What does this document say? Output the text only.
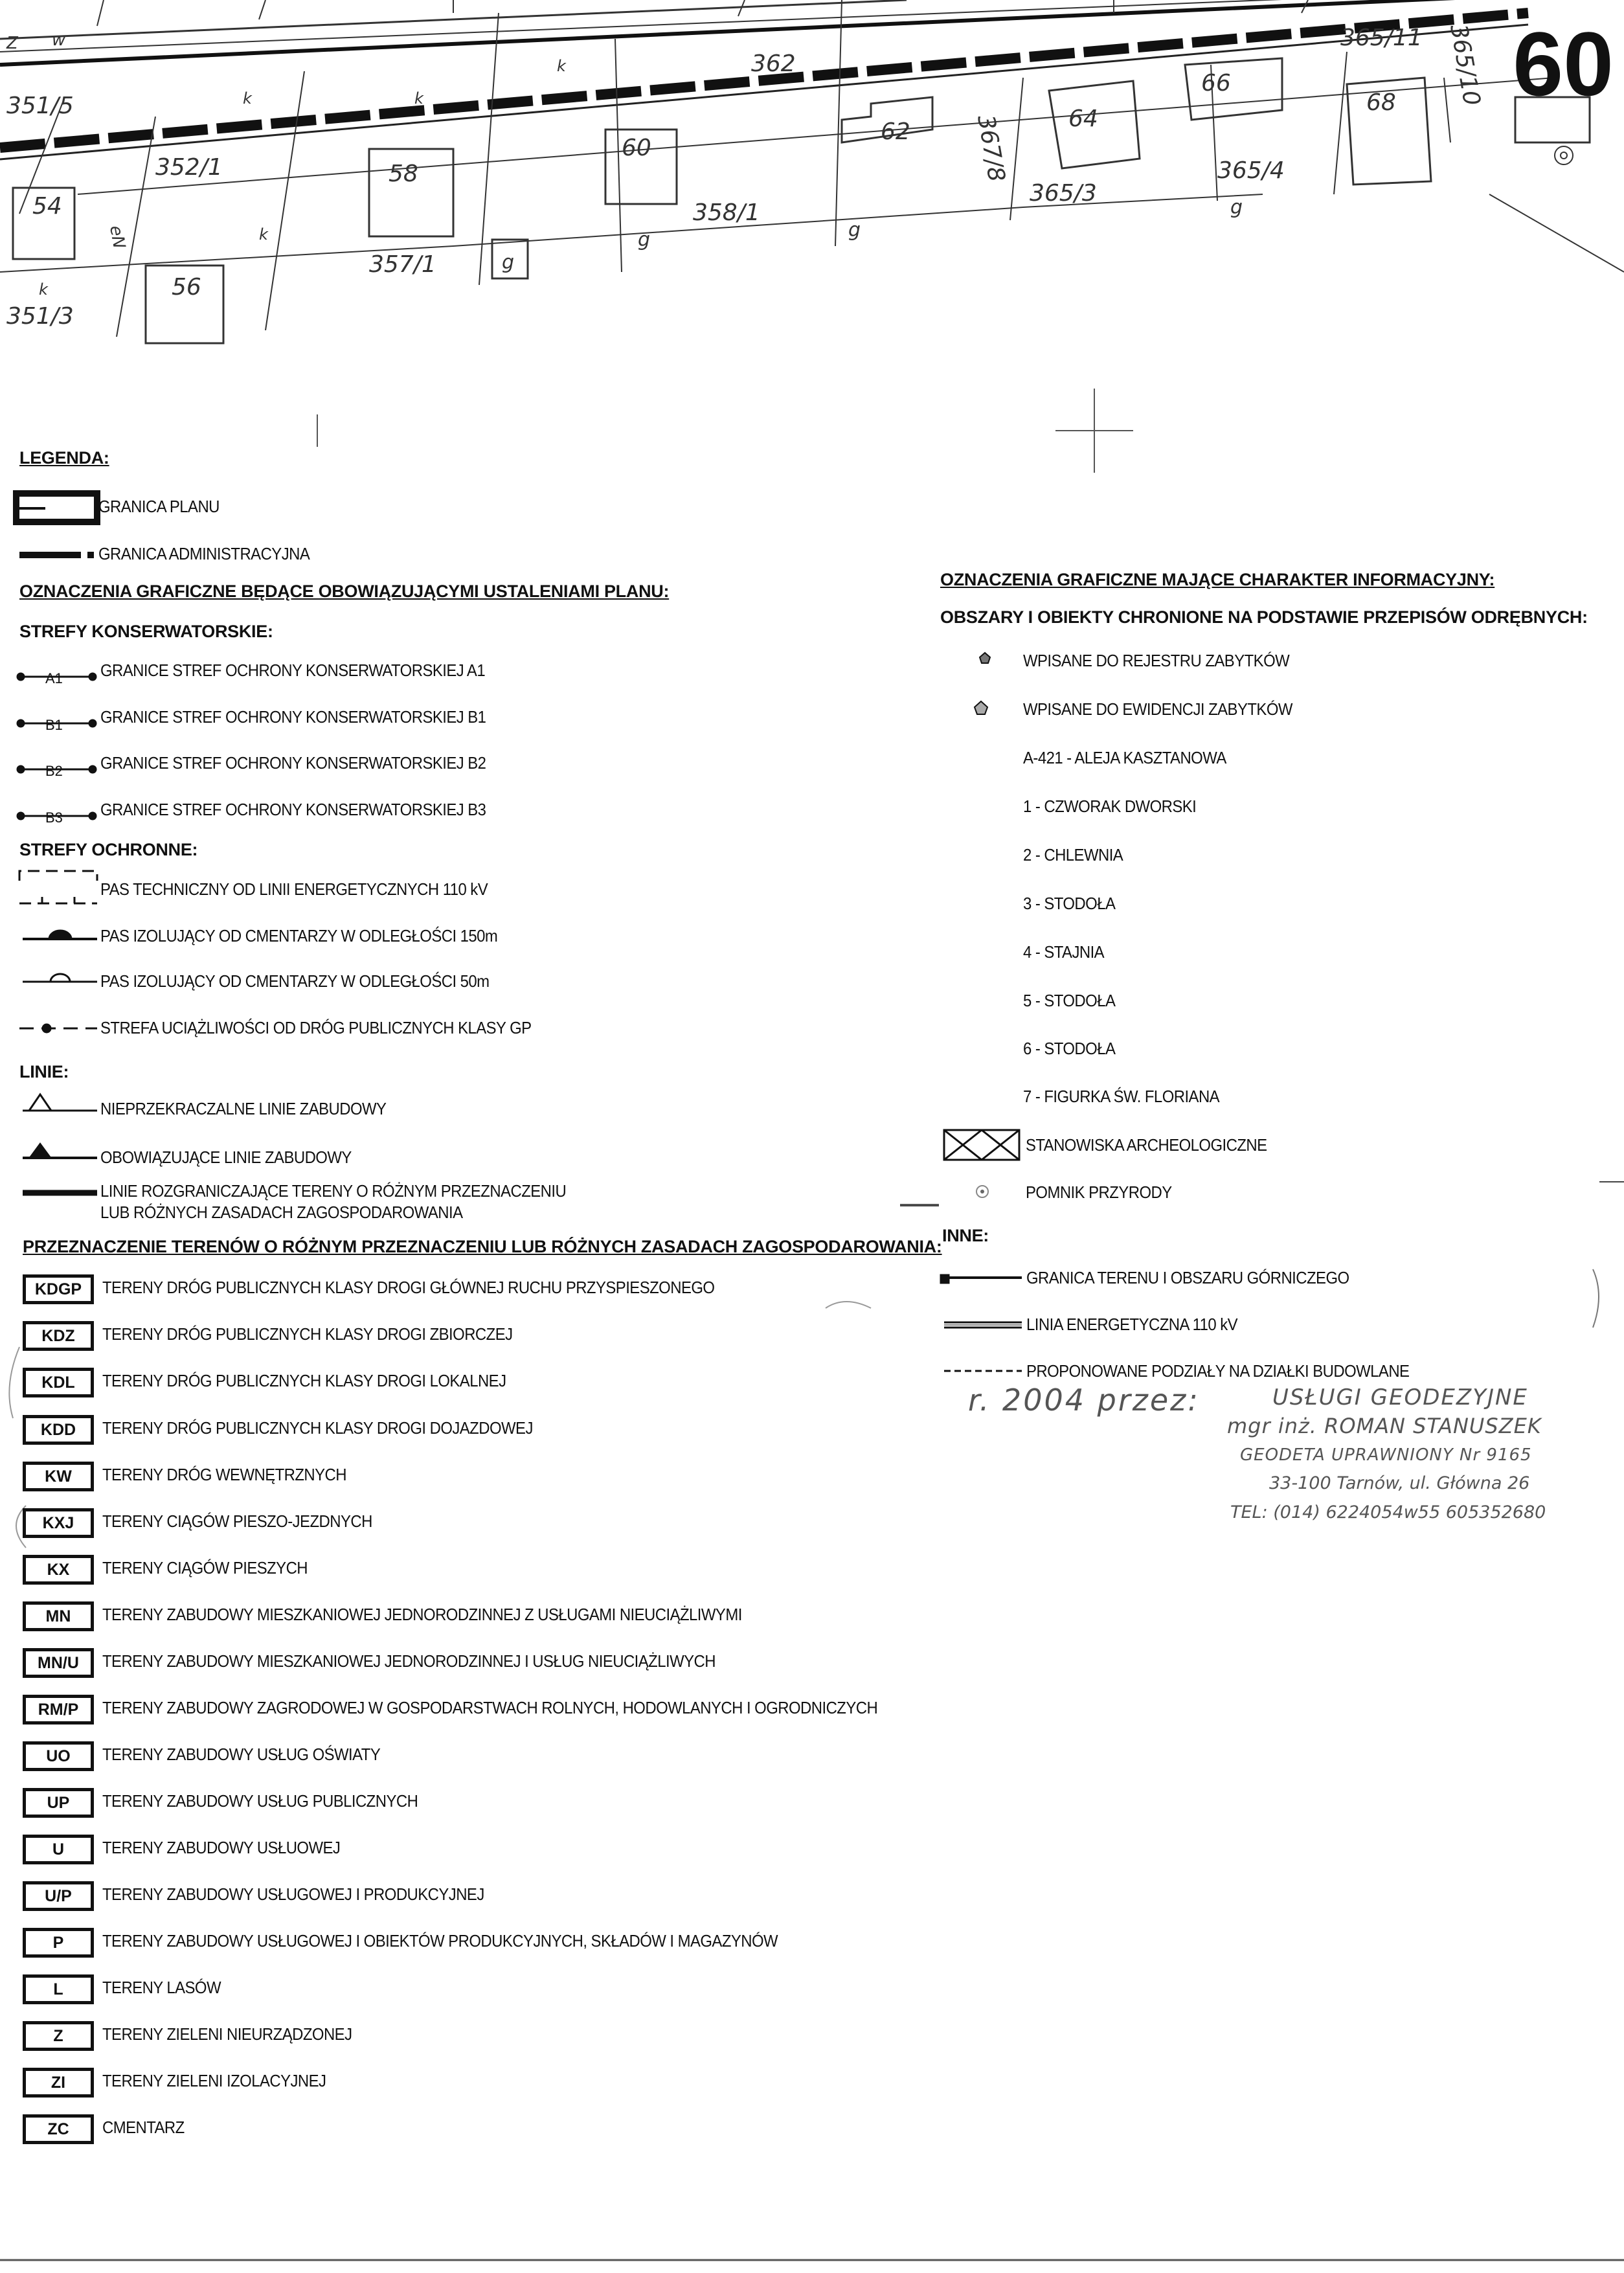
351/5
352/1
351/3
357/1
358/1
362
367/8
365/3
365/4
365/10
365/11
54
56
58
60
62	64
66
68
g	g
g
g
k	k
k
k
k
w
eN
Z
A1
B1
B2
B3
60
LEGENDA:
GRANICA PLANU
GRANICA ADMINISTRACYJNA
OZNACZENIA GRAFICZNE BĘDĄCE OBOWIĄZUJĄCYMI USTALENIAMI PLANU:
STREFY KONSERWATORSKIE:
GRANICE STREF OCHRONY KONSERWATORSKIEJ A1
GRANICE STREF OCHRONY KONSERWATORSKIEJ B1
GRANICE STREF OCHRONY KONSERWATORSKIEJ B2
GRANICE STREF OCHRONY KONSERWATORSKIEJ B3
STREFY OCHRONNE:
PAS TECHNICZNY OD LINII ENERGETYCZNYCH 110 kV
PAS IZOLUJĄCY OD CMENTARZY W ODLEGŁOŚCI 150m
PAS IZOLUJĄCY OD CMENTARZY W ODLEGŁOŚCI 50m
STREFA UCIĄŻLIWOŚCI OD DRÓG PUBLICZNYCH KLASY GP
LINIE:
NIEPRZEKRACZALNE LINIE ZABUDOWY
OBOWIĄZUJĄCE LINIE ZABUDOWY
LINIE ROZGRANICZAJĄCE TERENY O RÓŻNYM PRZEZNACZENIU
LUB RÓŻNYCH ZASADACH ZAGOSPODAROWANIA
PRZEZNACZENIE TERENÓW O RÓŻNYM PRZEZNACZENIU LUB RÓŻNYCH ZASADACH ZAGOSPODAROWANIA:
KDGP	TERENY DRÓG PUBLICZNYCH KLASY DROGI GŁÓWNEJ RUCHU PRZYSPIESZONEGO
KDZ	TERENY DRÓG PUBLICZNYCH KLASY DROGI ZBIORCZEJ
KDL	TERENY DRÓG PUBLICZNYCH KLASY DROGI LOKALNEJ
KDD	TERENY DRÓG PUBLICZNYCH KLASY DROGI DOJAZDOWEJ
KW	TERENY DRÓG WEWNĘTRZNYCH
KXJ	TERENY CIĄGÓW PIESZO-JEZDNYCH
KX	TERENY CIĄGÓW PIESZYCH
MN	TERENY ZABUDOWY MIESZKANIOWEJ JEDNORODZINNEJ Z USŁUGAMI NIEUCIĄŻLIWYMI
MN/U	TERENY ZABUDOWY MIESZKANIOWEJ JEDNORODZINNEJ I USŁUG NIEUCIĄŻLIWYCH
RM/P	TERENY ZABUDOWY ZAGRODOWEJ W GOSPODARSTWACH ROLNYCH, HODOWLANYCH I OGRODNICZYCH
UO	TERENY ZABUDOWY USŁUG OŚWIATY
UP	TERENY ZABUDOWY USŁUG PUBLICZNYCH
U	TERENY ZABUDOWY USŁUOWEJ
U/P	TERENY ZABUDOWY USŁUGOWEJ I PRODUKCYJNEJ
P	TERENY ZABUDOWY USŁUGOWEJ I OBIEKTÓW PRODUKCYJNYCH, SKŁADÓW I MAGAZYNÓW
L	TERENY LASÓW
Z	TERENY ZIELENI NIEURZĄDZONEJ
ZI	TERENY ZIELENI IZOLACYJNEJ
ZC	CMENTARZ
OZNACZENIA GRAFICZNE MAJĄCE CHARAKTER INFORMACYJNY:
OBSZARY I OBIEKTY CHRONIONE NA PODSTAWIE PRZEPISÓW ODRĘBNYCH:
WPISANE DO REJESTRU ZABYTKÓW
WPISANE DO EWIDENCJI ZABYTKÓW
A-421 - ALEJA KASZTANOWA
1 - CZWORAK DWORSKI
2 - CHLEWNIA
3 - STODOŁA
4 - STAJNIA
5 - STODOŁA
6 - STODOŁA
7 - FIGURKA ŚW. FLORIANA
STANOWISKA ARCHEOLOGICZNE
POMNIK PRZYRODY
INNE:
GRANICA TERENU I OBSZARU GÓRNICZEGO
LINIA ENERGETYCZNA 110 kV
PROPONOWANE PODZIAŁY NA DZIAŁKI BUDOWLANE
r. 2004 przez:	USŁUGI GEODEZYJNE
mgr inż. ROMAN STANUSZEK
GEODETA UPRAWNIONY Nr 9165
33-100 Tarnów, ul. Główna 26
TEL: (014) 6224054w55 605352680
